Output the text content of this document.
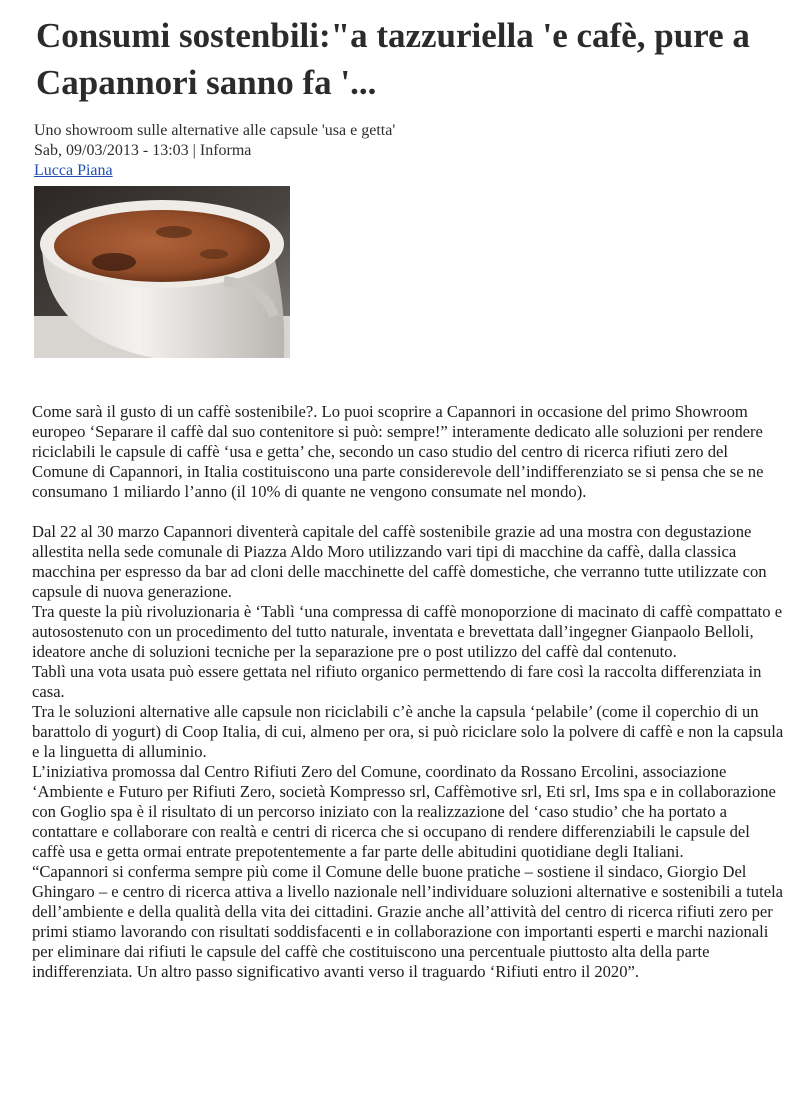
Consumi sostenbili:"a tazzuriella 'e cafè, pure a Capannori sanno fa '...
Uno showroom sulle alternative alle capsule 'usa e getta'
Sab, 09/03/2013 - 13:03 | Informa
Lucca Piana

Come sarà il gusto di un caffè sostenibile?. Lo puoi scoprire a Capannori in occasione del primo Showroom europeo ‘Separare il caffè dal suo contenitore si può: sempre!” interamente dedicato alle soluzioni per rendere riciclabili le capsule di caffè ‘usa e getta’ che, secondo un caso studio del centro di ricerca rifiuti zero del Comune di Capannori, in Italia costituiscono una parte considerevole dell’indifferenziato se si pensa che se ne consumano 1 miliardo l’anno (il 10% di quante ne vengono consumate nel mondo).

Dal 22 al 30 marzo Capannori diventerà capitale del caffè sostenibile grazie ad una mostra con degustazione allestita nella sede comunale di Piazza Aldo Moro utilizzando vari tipi di macchine da caffè, dalla classica macchina per espresso da bar ad cloni delle macchinette del caffè domestiche, che verranno tutte utilizzate con capsule di nuova generazione.

Tra queste la più rivoluzionaria è ‘Tablì ‘una compressa di caffè monoporzione di macinato di caffè compattato e autosostenuto con un procedimento del tutto naturale, inventata e brevettata dall’ingegner Gianpaolo Belloli, ideatore anche di soluzioni tecniche per la separazione pre o post utilizzo del caffè dal contenuto.

Tablì una vota usata può essere gettata nel rifiuto organico permettendo di fare così la raccolta differenziata in casa.

Tra le soluzioni alternative alle capsule non riciclabili c’è anche la capsula ‘pelabile’ (come il coperchio di un barattolo di yogurt) di Coop Italia, di cui, almeno per ora, si può riciclare solo la polvere di caffè e non la capsula e la linguetta di alluminio.

L’iniziativa promossa dal Centro Rifiuti Zero del Comune, coordinato da Rossano Ercolini, associazione ‘Ambiente e Futuro per Rifiuti Zero, società Kompresso srl, Caffèmotive srl, Eti srl, Ims spa e in collaborazione con Goglio spa è il risultato di un percorso iniziato con la realizzazione del ‘caso studio’ che ha portato a contattare e collaborare con realtà e centri di ricerca che si occupano di rendere differenziabili le capsule del caffè usa e getta ormai entrate prepotentemente a far parte delle abitudini quotidiane degli Italiani.

“Capannori si conferma sempre più come il Comune delle buone pratiche – sostiene il sindaco, Giorgio Del Ghingaro – e centro di ricerca attiva a livello nazionale nell’individuare soluzioni alternative e sostenibili a tutela dell’ambiente e della qualità della vita dei cittadini. Grazie anche all’attività del centro di ricerca rifiuti zero per primi stiamo lavorando con risultati soddisfacenti e in collaborazione con importanti esperti e marchi nazionali per eliminare dai rifiuti le capsule del caffè che costituiscono una percentuale piuttosto alta della parte indifferenziata. Un altro passo significativo avanti verso il traguardo ‘Rifiuti entro il 2020”.
